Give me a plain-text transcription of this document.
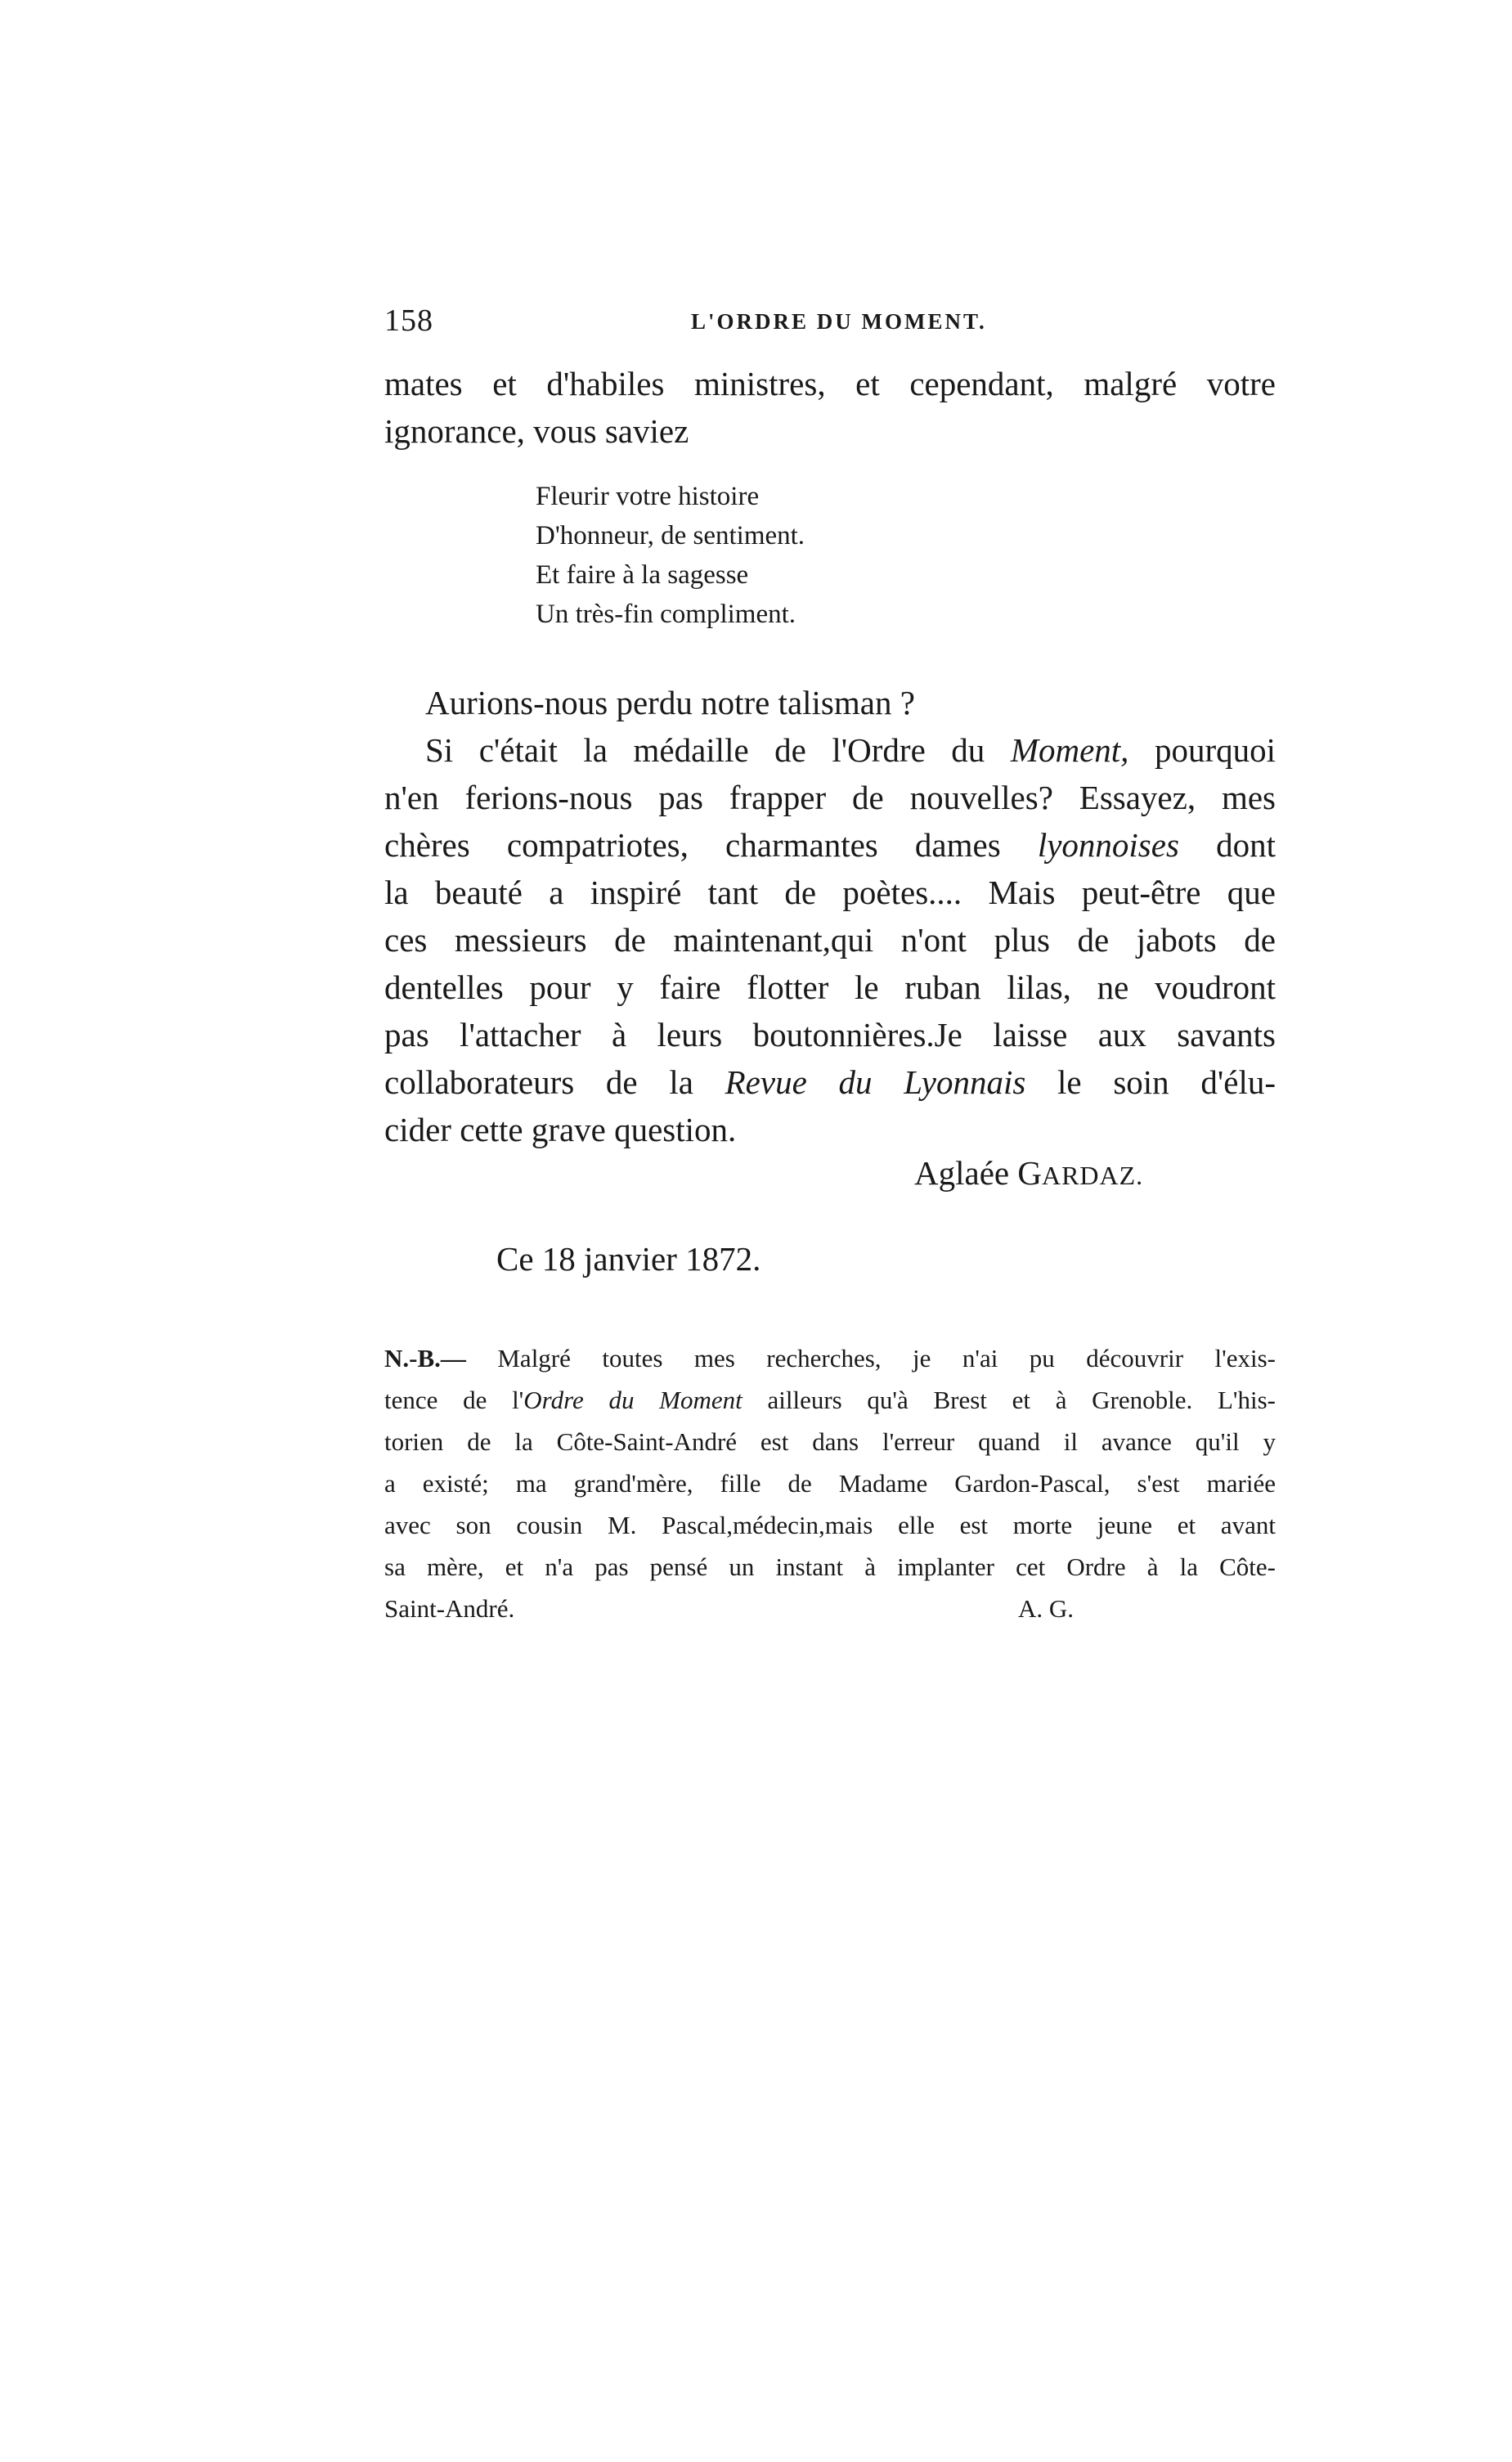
158	L'ORDRE DU MOMENT.
mates et d'habiles ministres, et cependant, malgré votre
ignorance, vous saviez
Fleurir votre histoire
D'honneur, de sentiment.
Et faire à la sagesse
Un très-fin compliment.
Aurions-nous perdu notre talisman ?
Si c'était la médaille de l'Ordre du Moment, pourquoi
n'en ferions-nous pas frapper de nouvelles? Essayez, mes
chères compatriotes, charmantes dames lyonnoises dont
la beauté a inspiré tant de poètes.... Mais peut-être que
ces messieurs de maintenant,qui n'ont plus de jabots de
dentelles pour y faire flotter le ruban lilas, ne voudront
pas l'attacher à leurs boutonnières.Je laisse aux savants
collaborateurs de la Revue du Lyonnais le soin d'élu-
cider cette grave question.
Aglaée GARDAZ.
Ce 18 janvier 1872.
N.-B.— Malgré toutes mes recherches, je n'ai pu découvrir l'exis-
tence de l'Ordre du Moment ailleurs qu'à Brest et à Grenoble. L'his-
torien de la Côte-Saint-André est dans l'erreur quand il avance qu'il y
a existé; ma grand'mère, fille de Madame Gardon-Pascal, s'est mariée
avec son cousin M. Pascal,médecin,mais elle est morte jeune et avant
sa mère, et n'a pas pensé un instant à implanter cet Ordre à la Côte-
Saint-André.	A. G.
